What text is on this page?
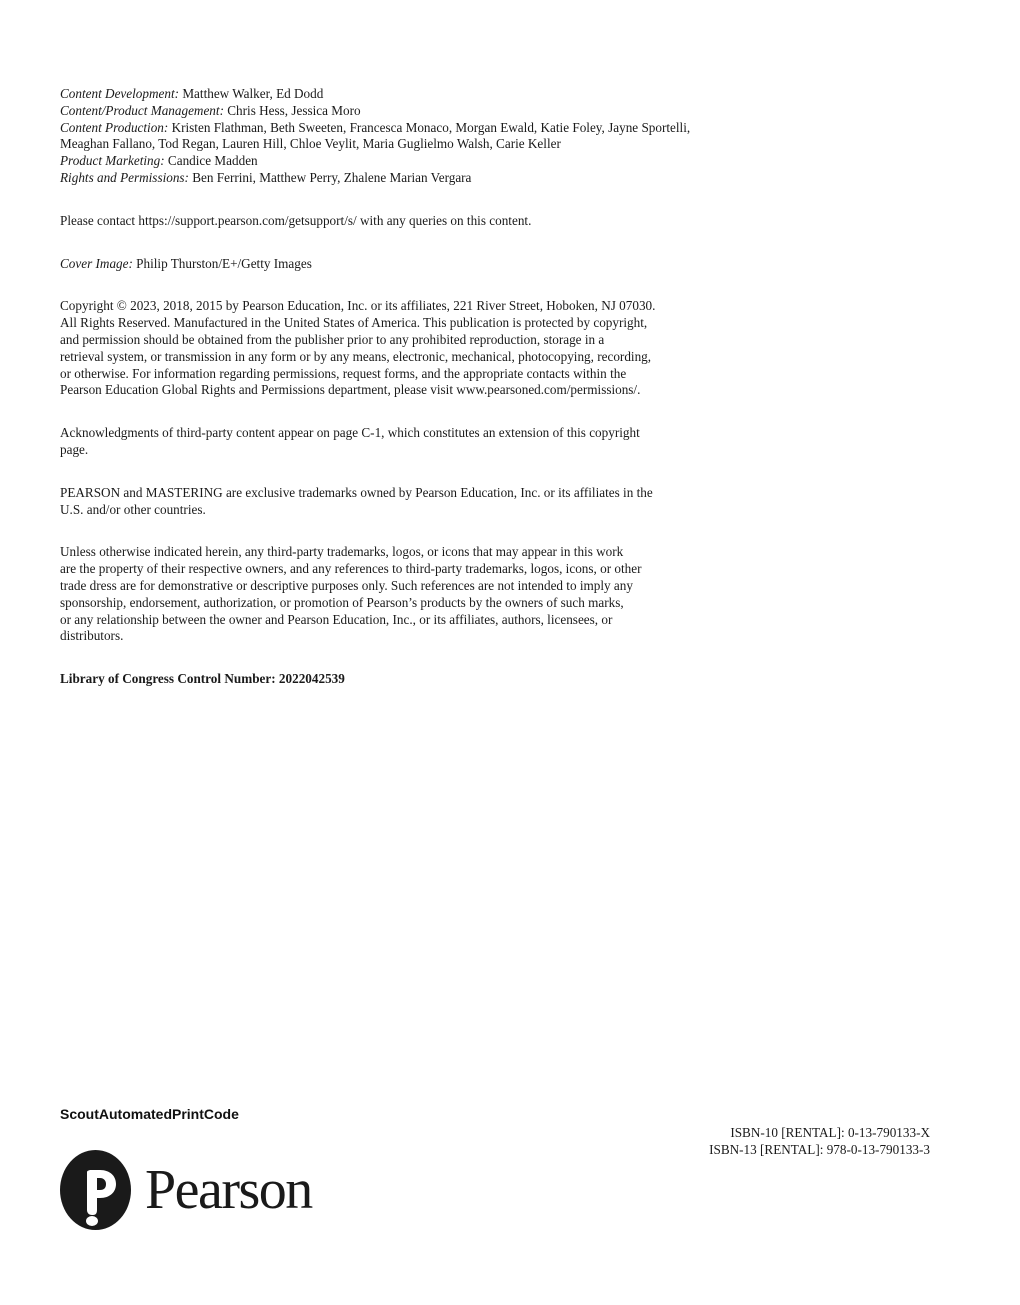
Content Development: Matthew Walker, Ed Dodd
Content/Product Management: Chris Hess, Jessica Moro
Content Production: Kristen Flathman, Beth Sweeten, Francesca Monaco, Morgan Ewald, Katie Foley, Jayne Sportelli,
Meaghan Fallano, Tod Regan, Lauren Hill, Chloe Veylit, Maria Guglielmo Walsh, Carie Keller
Product Marketing: Candice Madden
Rights and Permissions: Ben Ferrini, Matthew Perry, Zhalene Marian Vergara

Please contact https://support.pearson.com/getsupport/s/ with any queries on this content.

Cover Image: Philip Thurston/E+/Getty Images

Copyright © 2023, 2018, 2015 by Pearson Education, Inc. or its affiliates, 221 River Street, Hoboken, NJ 07030.
All Rights Reserved. Manufactured in the United States of America. This publication is protected by copyright,
and permission should be obtained from the publisher prior to any prohibited reproduction, storage in a
retrieval system, or transmission in any form or by any means, electronic, mechanical, photocopying, recording,
or otherwise. For information regarding permissions, request forms, and the appropriate contacts within the
Pearson Education Global Rights and Permissions department, please visit www.pearsoned.com/permissions/.

Acknowledgments of third-party content appear on page C-1, which constitutes an extension of this copyright
page.

PEARSON and MASTERING are exclusive trademarks owned by Pearson Education, Inc. or its affiliates in the
U.S. and/or other countries.

Unless otherwise indicated herein, any third-party trademarks, logos, or icons that may appear in this work
are the property of their respective owners, and any references to third-party trademarks, logos, icons, or other
trade dress are for demonstrative or descriptive purposes only. Such references are not intended to imply any
sponsorship, endorsement, authorization, or promotion of Pearson’s products by the owners of such marks,
or any relationship between the owner and Pearson Education, Inc., or its affiliates, authors, licensees, or
distributors.

Library of Congress Control Number: 2022042539

ScoutAutomatedPrintCode
ISBN-10 [RENTAL]: 0-13-790133-X
ISBN-13 [RENTAL]: 978-0-13-790133-3
Pearson
